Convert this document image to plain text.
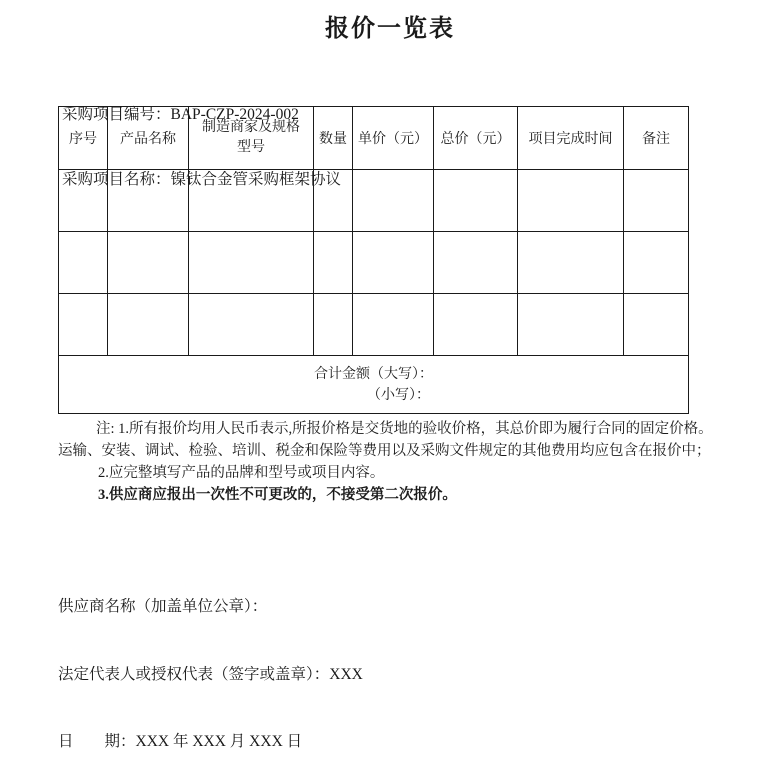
报价一览表

采购项目编号：BAP-CZP-2024-002

采购项目名称：镍钛合金管采购框架协议

序号	产品名称	制造商家及规格型号	数量	单价（元）	总价（元）	项目完成时间	备注

合计金额（大写）：
（小写）：							

注: 1.所有报价均用人民币表示,所报价格是交货地的验收价格，其总价即为履行合同的固定价格。运输、安装、调试、检验、培训、税金和保险等费用以及采购文件规定的其他费用均应包含在报价中；

2.应完整填写产品的品牌和型号或项目内容。

3.供应商应报出一次性不可更改的，不接受第二次报价。

供应商名称（加盖单位公章）：

法定代表人或授权代表（签字或盖章）：XXX

日        期：XXX 年 XXX 月 XXX 日
